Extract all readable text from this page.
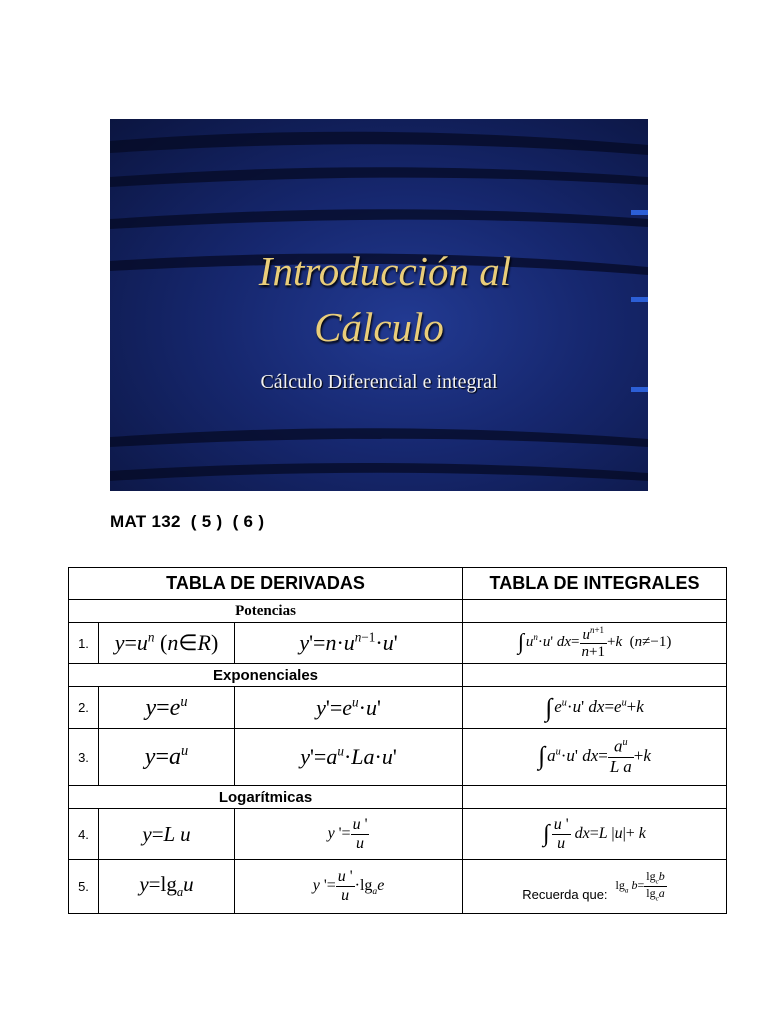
Introducción al
Cálculo
Cálculo Diferencial e integral
MAT 132  ( 5 )  ( 6 )
TABLA DE DERIVADAS			TABLA DE INTEGRALES
Potencias			
1.	$y=u^n$ (n∈R)	$y'=n\cdot u^{n-1}\cdot u'$	∫ $u^n\cdot u'$ $dx= \frac{u^{n+1}}{n+1} +k$  (n≠−1)
Exponenciales			
2.	$y=e^u$	$y'=e^u\cdot u'$	∫ $e^u\cdot u'$ $dx=e^u+k$
3.	$y=a^u$	$y'=a^u\cdot La\cdot u'$	∫ $a^u\cdot u'$ $dx= \frac{a^u}{\text{L a}} +k$
Logarítmicas			
4.	y=L u	y '= $\frac{u '}{u}$	∫ $\frac{u '}{u} dx=L$ |u|+ k
5.	$y=\lg_au$	y '= $\frac{u '}{u} \cdot\lg_ae$	$_{Recuerda que:}\lg_a$ $b= \frac{\lg_cb}{\lg_ca}$
